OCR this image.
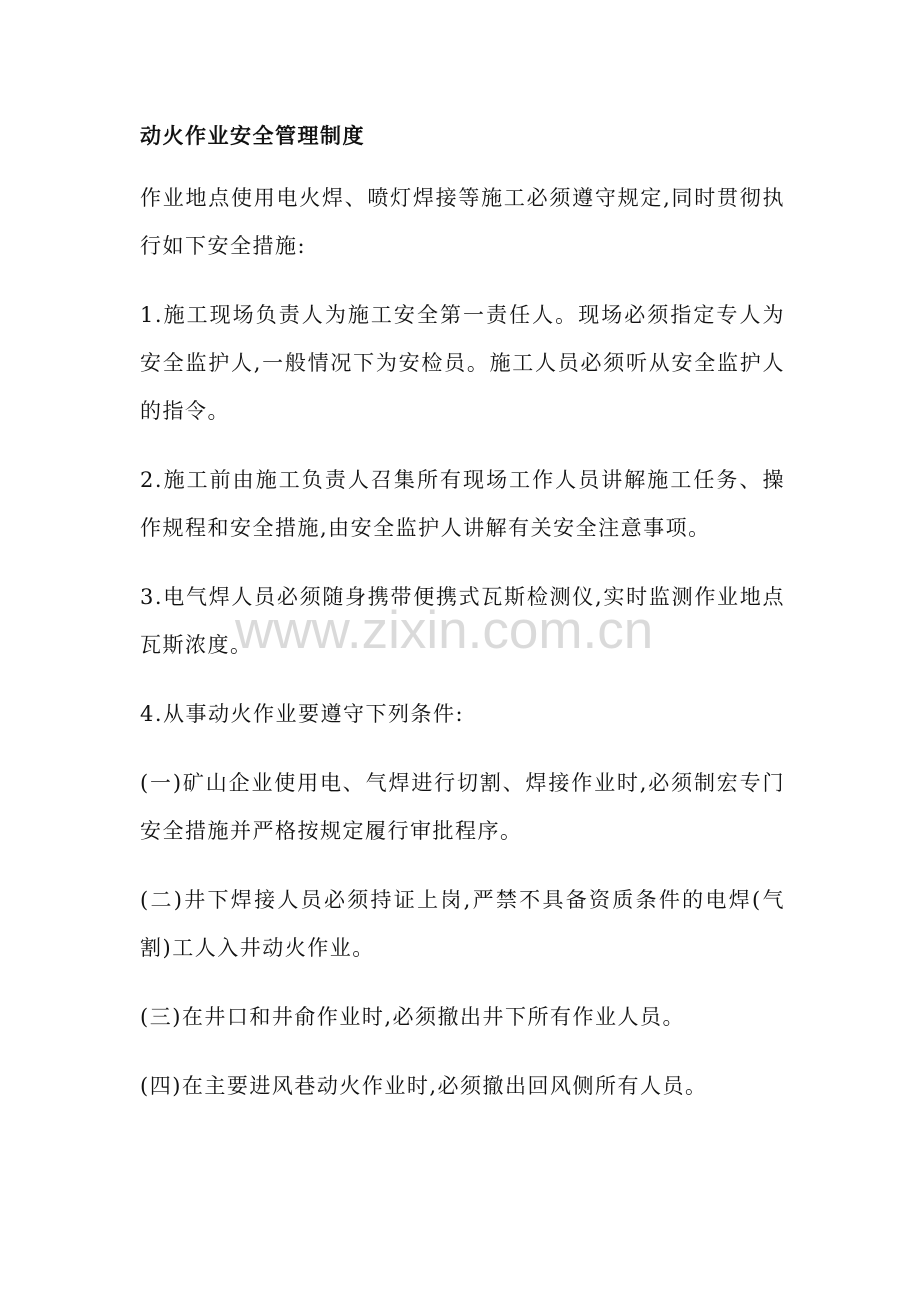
动火作业安全管理制度
作业地点使用电火焊、喷灯焊接等施工必须遵守规定,同时贯彻执行如下安全措施:
1.施工现场负责人为施工安全第一责任人。现场必须指定专人为安全监护人,一般情况下为安检员。施工人员必须听从安全监护人的指令。
2.施工前由施工负责人召集所有现场工作人员讲解施工任务、操作规程和安全措施,由安全监护人讲解有关安全注意事项。
3.电气焊人员必须随身携带便携式瓦斯检测仪,实时监测作业地点瓦斯浓度。
4.从事动火作业要遵守下列条件:
(一)矿山企业使用电、气焊进行切割、焊接作业时,必须制宏专门安全措施并严格按规定履行审批程序。
(二)井下焊接人员必须持证上岗,严禁不具备资质条件的电焊(气割)工人入井动火作业。
(三)在井口和井俞作业时,必须撤出井下所有作业人员。
(四)在主要进风巷动火作业时,必须撤出回风侧所有人员。
www.zixin.com.cn
